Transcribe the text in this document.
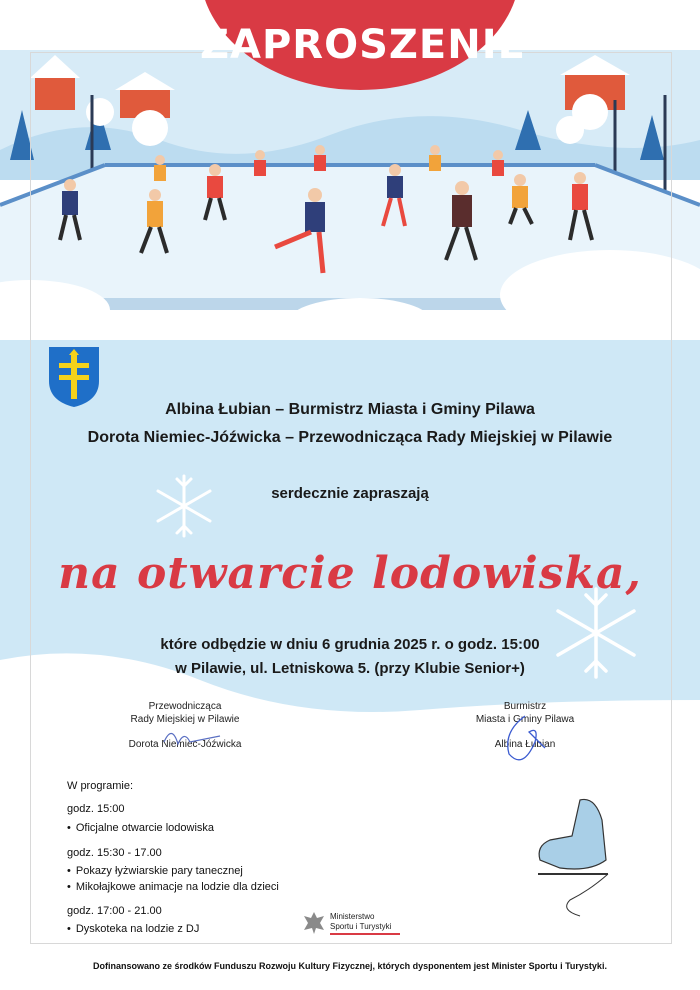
ZAPROSZENIE
Albina Łubian – Burmistrz Miasta i Gminy Pilawa
Dorota Niemiec-Jóźwicka – Przewodnicząca Rady Miejskiej w Pilawie
serdecznie zapraszają
na otwarcie lodowiska,
które odbędzie w dniu 6 grudnia 2025 r. o godz. 15:00
w Pilawie, ul. Letniskowa 5. (przy Klubie Senior+)
Przewodnicząca
Rady Miejskiej w Pilawie
Dorota Niemiec-Jóźwicka
Burmistrz
Miasta i Gminy Pilawa
Albina Łubian
W programie:
godz. 15:00
• Oficjalne otwarcie lodowiska
godz. 15:30 - 17.00
• Pokazy łyżwiarskie pary tanecznej
• Mikołajkowe animacje na lodzie dla dzieci
godz. 17:00 - 21.00
• Dyskoteka na lodzie z DJ
Ministerstwo
Sportu i Turystyki
Dofinansowano ze środków Funduszu Rozwoju Kultury Fizycznej, których dysponentem jest Minister Sportu i Turystyki.
